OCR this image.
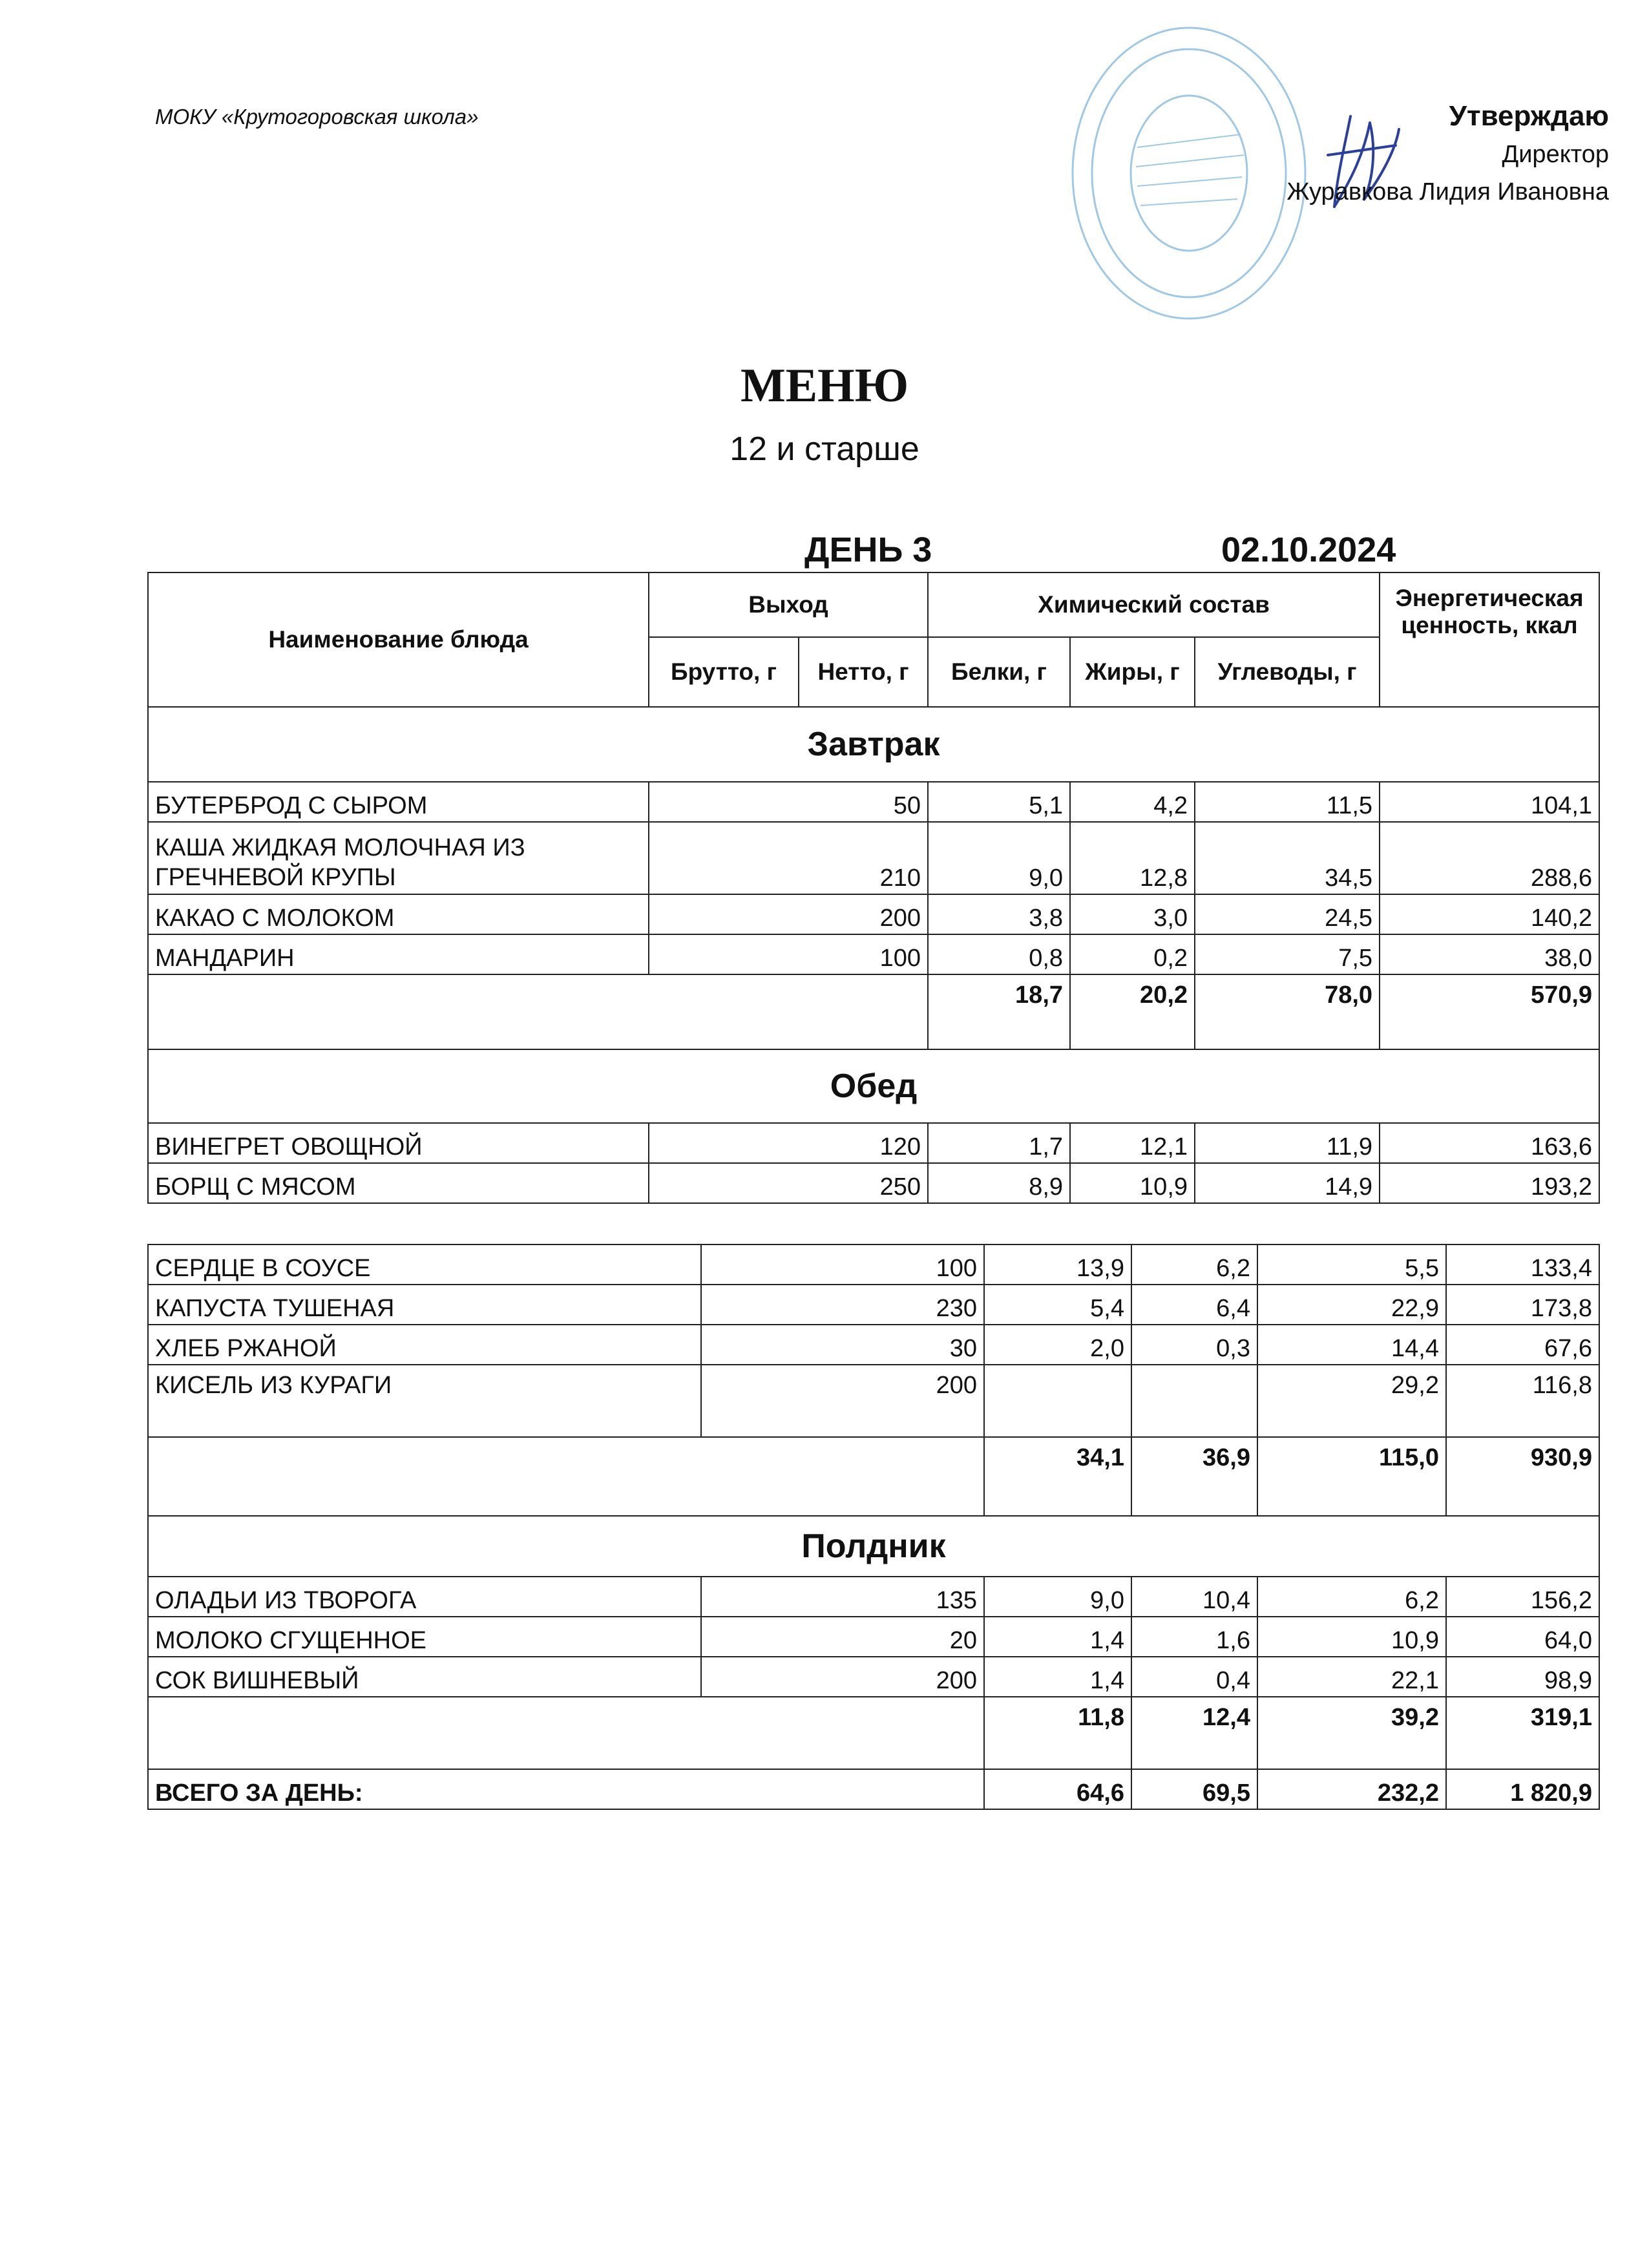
МОКУ «Крутогоровская школа»	Утверждаю
Директор
Журавкова Лидия Ивановна
МЕНЮ
12 и старше
ДЕНЬ 3	02.10.2024
Наименование блюда	Выход		Химический состав			Энергетическая ценность, ккал
	Брутто, г	Нетто, г	Белки, г	Жиры, г	Углеводы, г	
Завтрак						
БУТЕРБРОД С СЫРОМ	50		5,1	4,2	11,5	104,1
КАША ЖИДКАЯ МОЛОЧНАЯ ИЗ ГРЕЧНЕВОЙ КРУПЫ	210		9,0	12,8	34,5	288,6
КАКАО С МОЛОКОМ	200		3,8	3,0	24,5	140,2
МАНДАРИН	100		0,8	0,2	7,5	38,0
			18,7	20,2	78,0	570,9
Обед						
ВИНЕГРЕТ ОВОЩНОЙ	120		1,7	12,1	11,9	163,6
БОРЩ С МЯСОМ	250		8,9	10,9	14,9	193,2
СЕРДЦЕ В СОУСЕ	100	13,9	6,2	5,5	133,4
КАПУСТА ТУШЕНАЯ	230	5,4	6,4	22,9	173,8
ХЛЕБ РЖАНОЙ	30	2,0	0,3	14,4	67,6
КИСЕЛЬ ИЗ КУРАГИ	200			29,2	116,8
		34,1	36,9	115,0	930,9
Полдник					
ОЛАДЬИ ИЗ ТВОРОГА	135	9,0	10,4	6,2	156,2
МОЛОКО СГУЩЕННОЕ	20	1,4	1,6	10,9	64,0
СОК ВИШНЕВЫЙ	200	1,4	0,4	22,1	98,9
		11,8	12,4	39,2	319,1
ВСЕГО ЗА ДЕНЬ:		64,6	69,5	232,2	1 820,9
